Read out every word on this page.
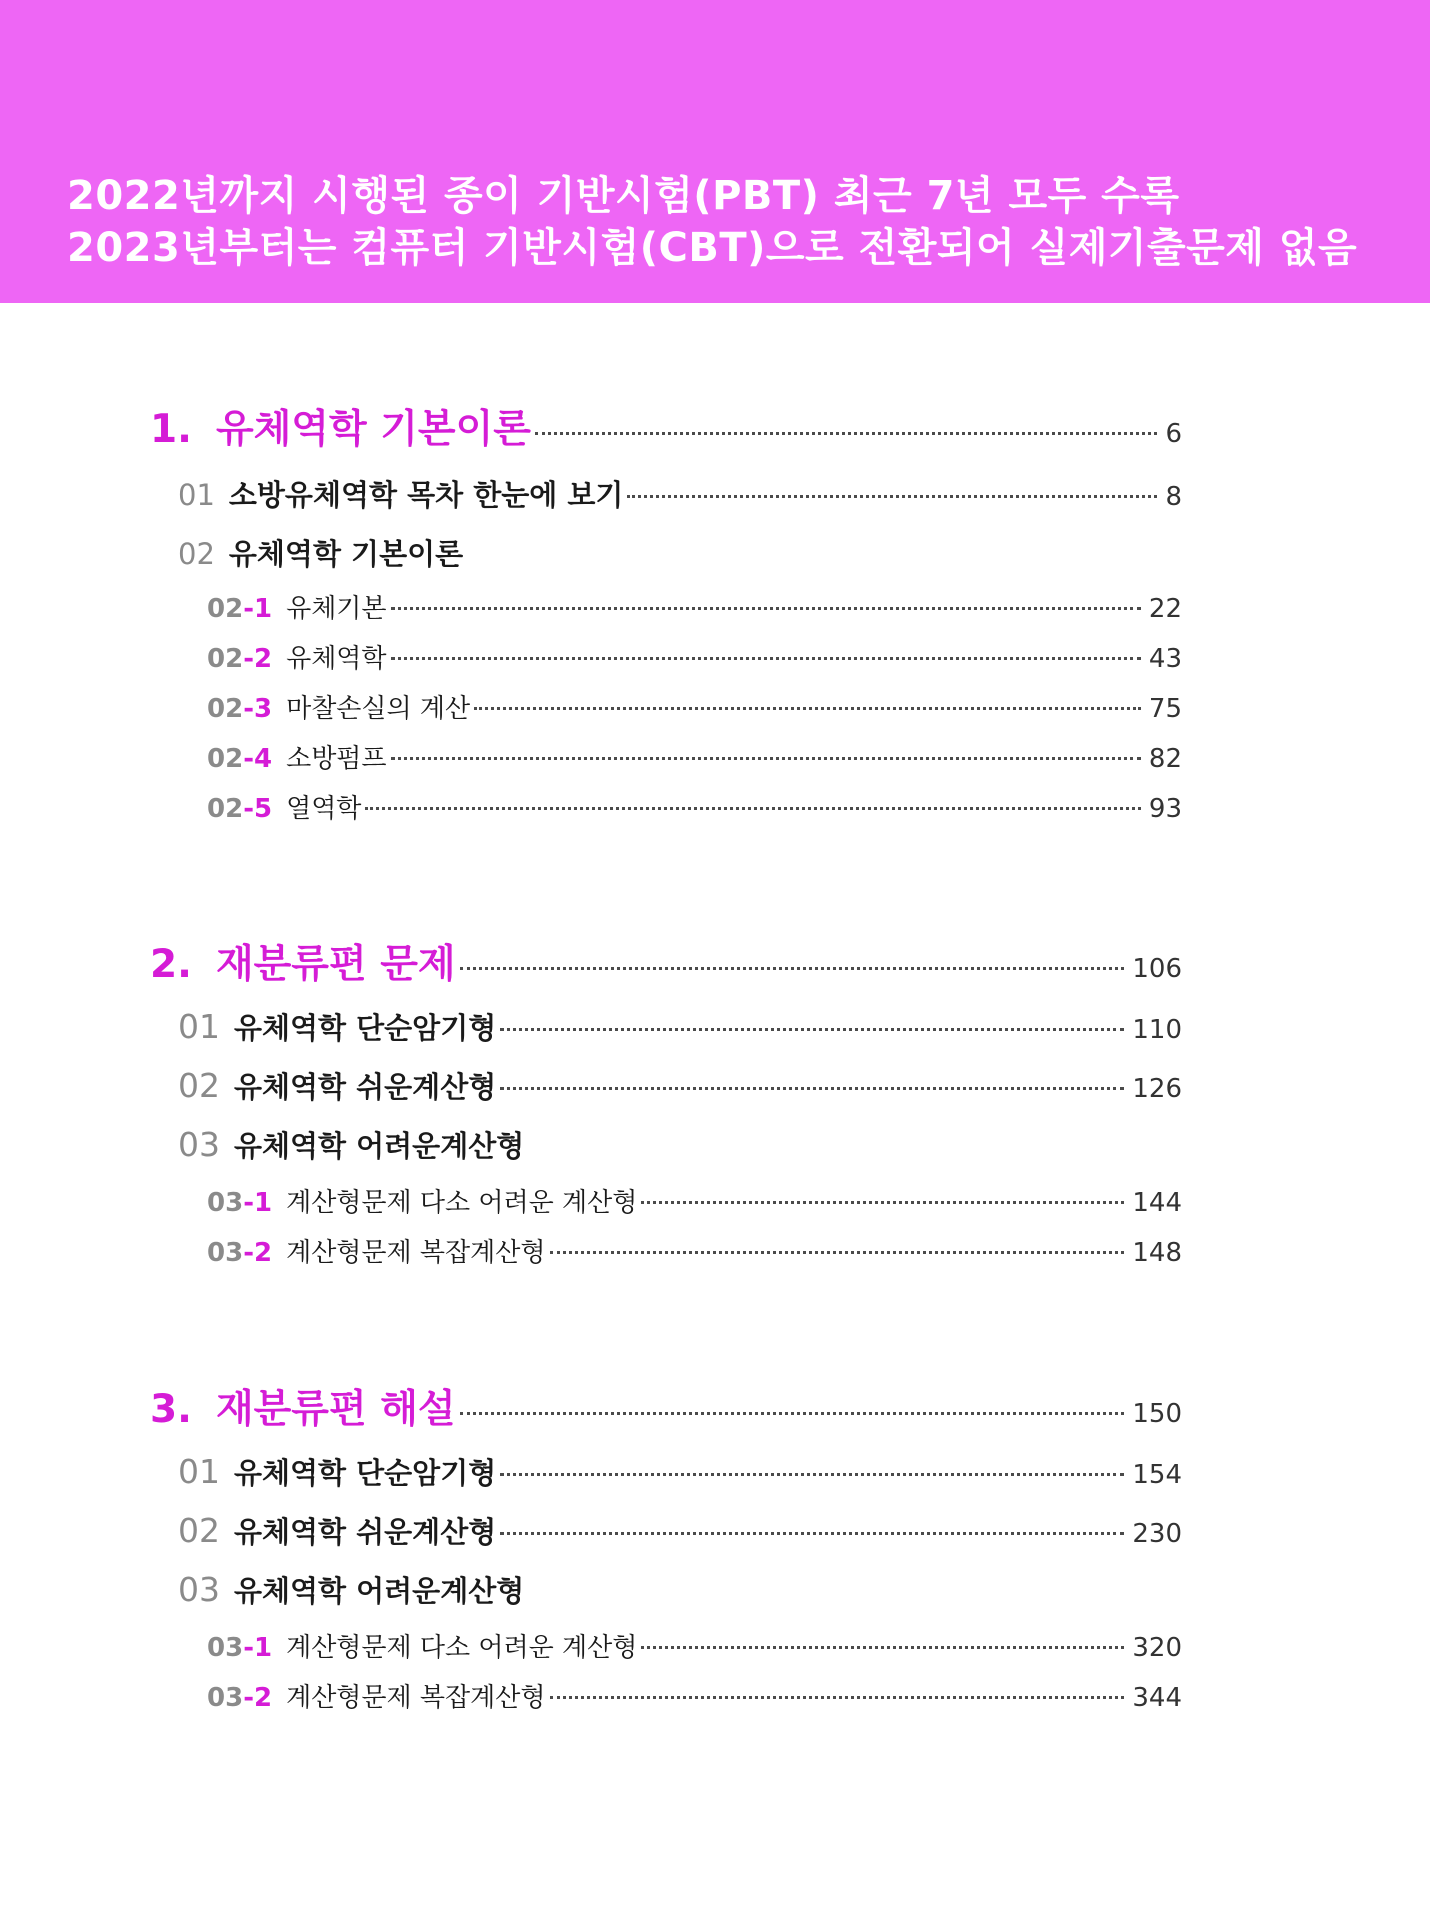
2022년까지 시행된 종이 기반시험(PBT) 최근 7년 모두 수록
2023년부터는 컴퓨터 기반시험(CBT)으로 전환되어 실제기출문제 없음
1. 유체역학 기본이론	6
01 소방유체역학 목차 한눈에 보기	8
02 유체역학 기본이론
02-1 유체기본	22
02-2 유체역학	43
02-3 마찰손실의 계산	75
02-4 소방펌프	82
02-5 열역학	93
2. 재분류편 문제	106
01 유체역학 단순암기형	110
02 유체역학 쉬운계산형	126
03 유체역학 어려운계산형
03-1 계산형문제 다소 어려운 계산형	144
03-2 계산형문제 복잡계산형	148
3. 재분류편 해설	150
01 유체역학 단순암기형	154
02 유체역학 쉬운계산형	230
03 유체역학 어려운계산형
03-1 계산형문제 다소 어려운 계산형	320
03-2 계산형문제 복잡계산형	344
